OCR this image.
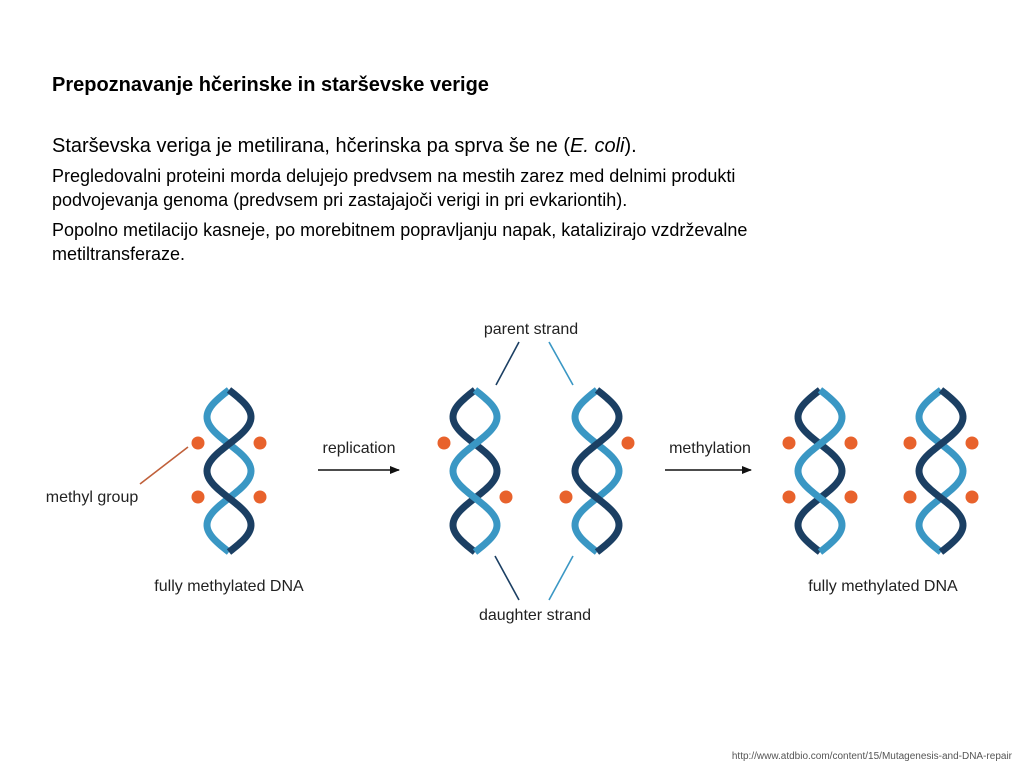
Prepoznavanje hčerinske in starševske verige

Starševska veriga je metilirana, hčerinska pa sprva še ne (E. coli).

Pregledovalni proteini morda delujejo predvsem na mestih zarez med delnimi produkti
podvojevanja genoma (predvsem pri zastajajoči verigi in pri evkariontih).

Popolno metilacijo kasneje, po morebitnem popravljanju napak, katalizirajo vzdrževalne
metiltransferaze.

parent strand
daughter strand
replication	methylation
methyl group
fully methylated DNA	fully methylated DNA

http://www.atdbio.com/content/15/Mutagenesis-and-DNA-repair
